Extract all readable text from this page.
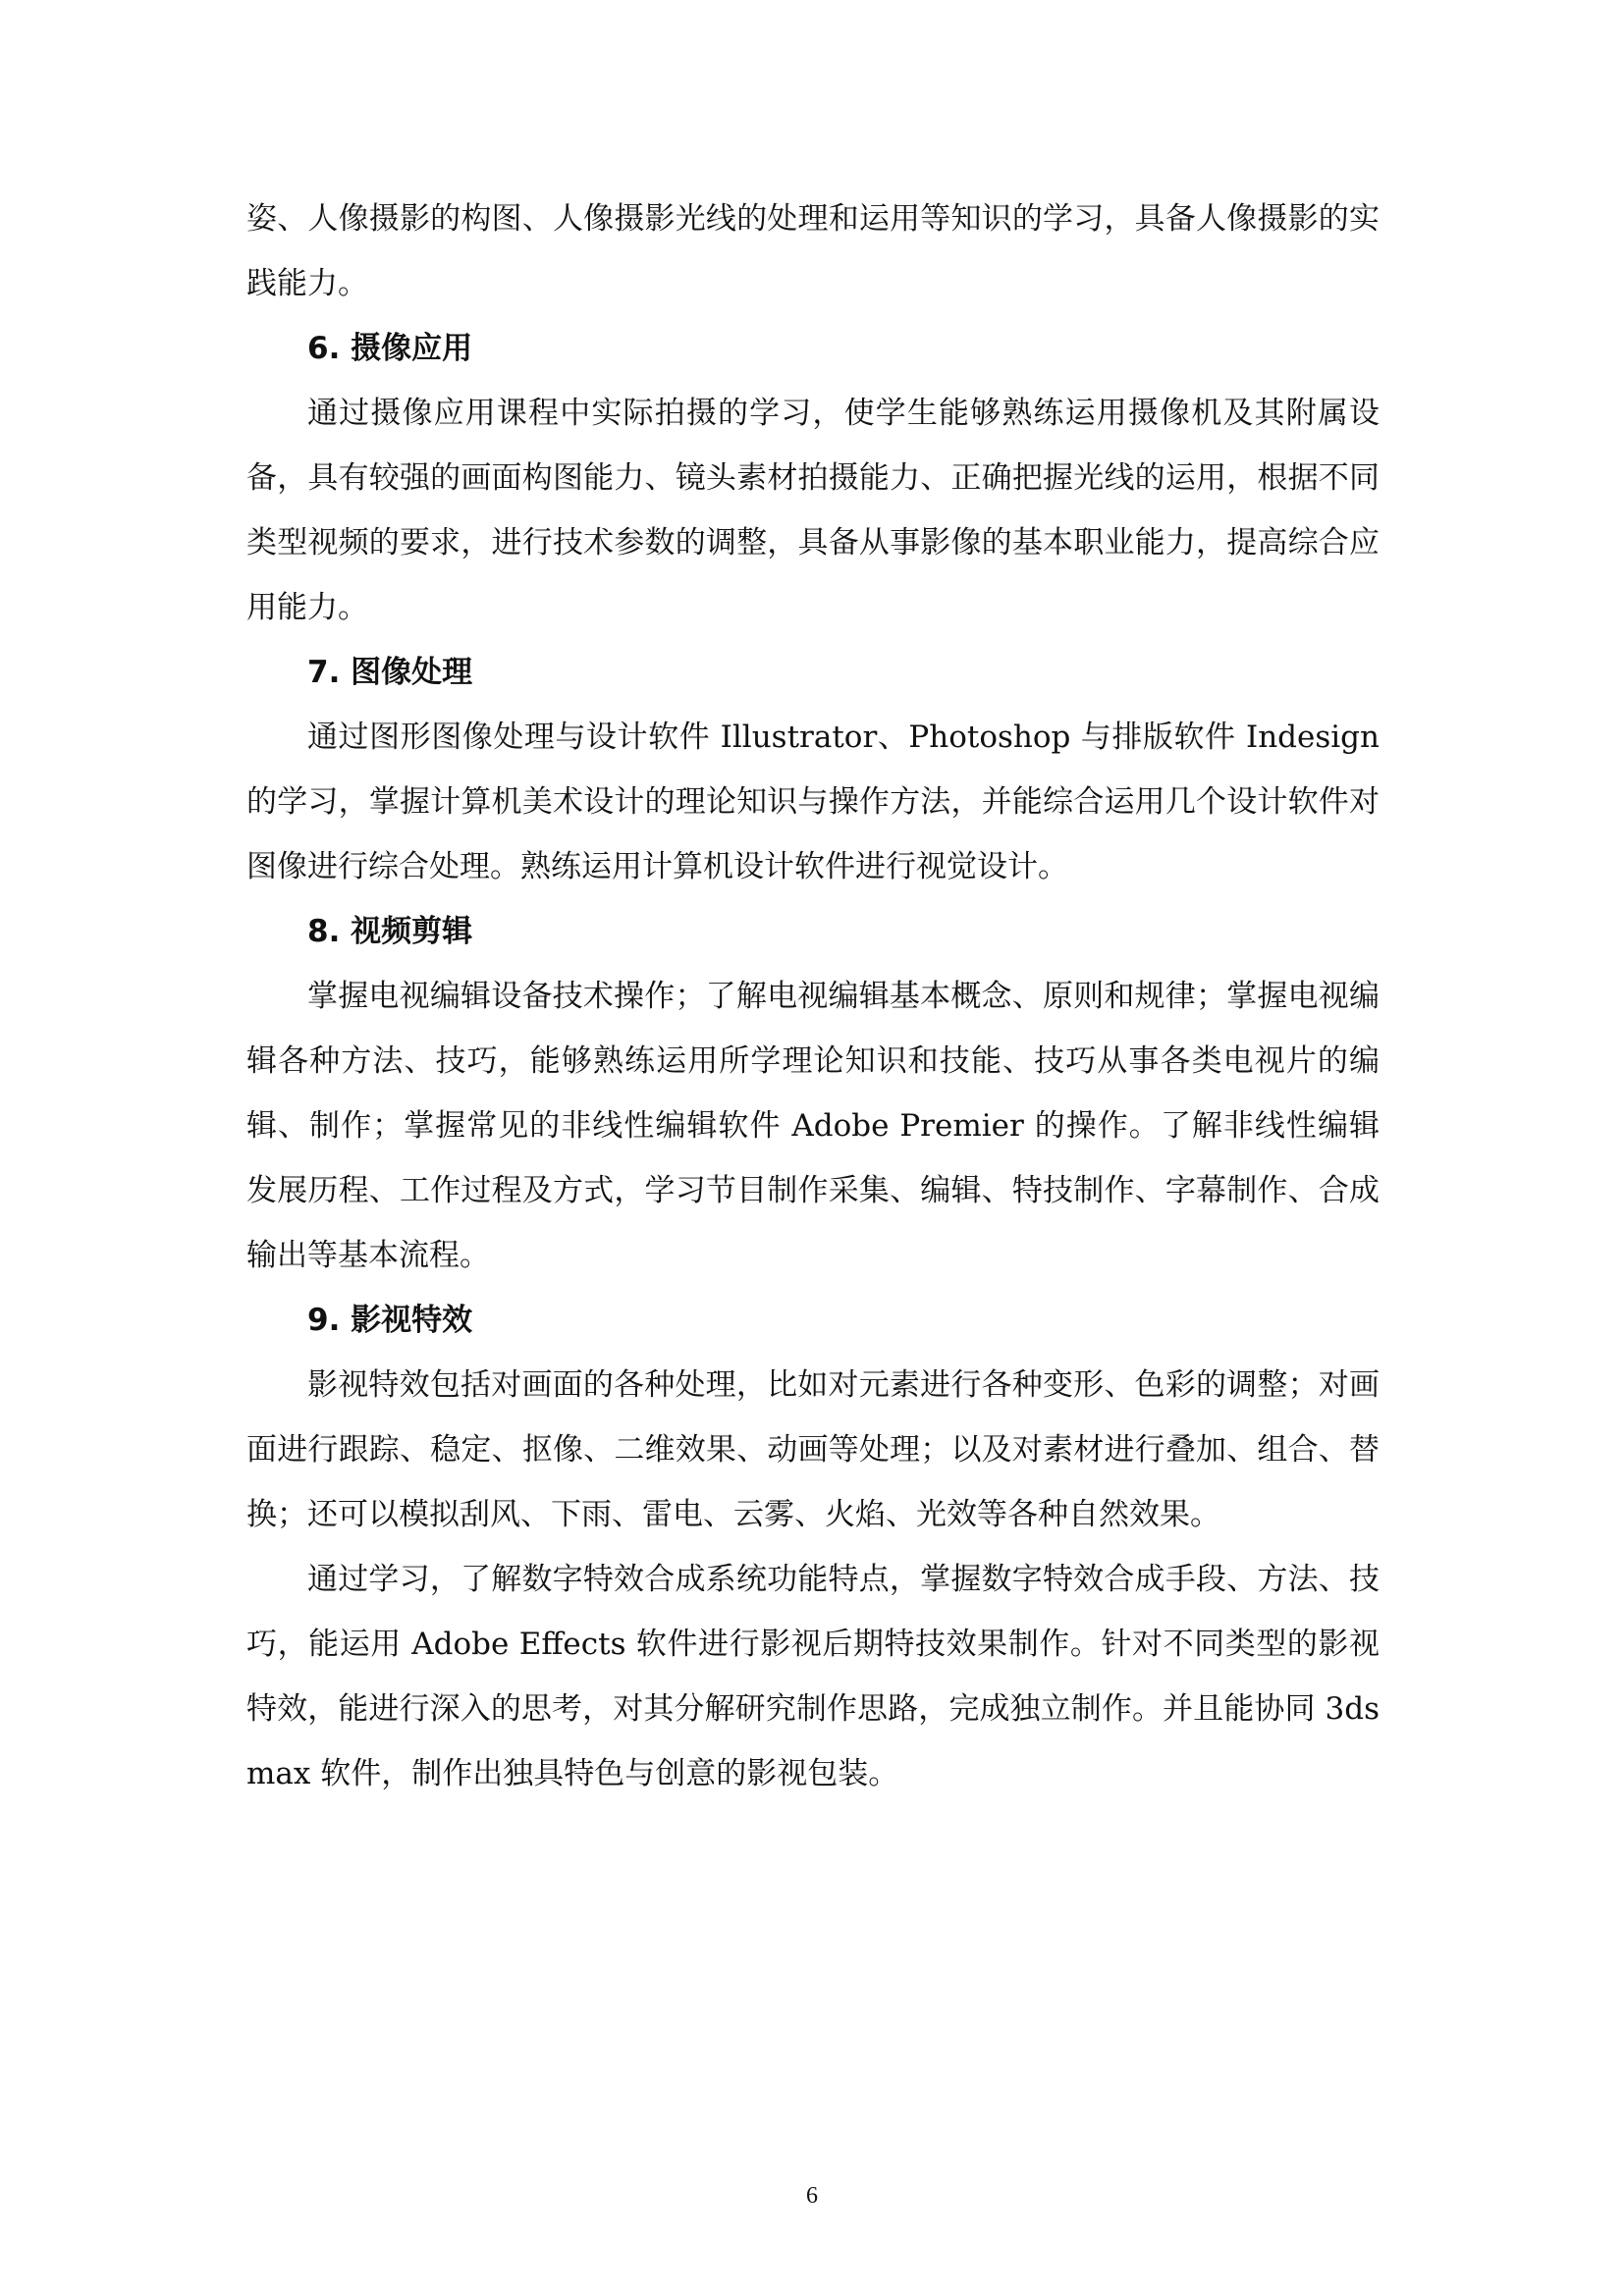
姿、人像摄影的构图、人像摄影光线的处理和运用等知识的学习，具备人像摄影的实践能力。

6. 摄像应用

通过摄像应用课程中实际拍摄的学习，使学生能够熟练运用摄像机及其附属设备，具有较强的画面构图能力、镜头素材拍摄能力、正确把握光线的运用，根据不同类型视频的要求，进行技术参数的调整，具备从事影像的基本职业能力，提高综合应用能力。

7. 图像处理

通过图形图像处理与设计软件 Illustrator、Photoshop 与排版软件 Indesign 的学习，掌握计算机美术设计的理论知识与操作方法，并能综合运用几个设计软件对图像进行综合处理。熟练运用计算机设计软件进行视觉设计。

8. 视频剪辑

掌握电视编辑设备技术操作；了解电视编辑基本概念、原则和规律；掌握电视编辑各种方法、技巧，能够熟练运用所学理论知识和技能、技巧从事各类电视片的编辑、制作；掌握常见的非线性编辑软件 Adobe Premier 的操作。了解非线性编辑发展历程、工作过程及方式，学习节目制作采集、编辑、特技制作、字幕制作、合成输出等基本流程。

9. 影视特效

影视特效包括对画面的各种处理，比如对元素进行各种变形、色彩的调整；对画面进行跟踪、稳定、抠像、二维效果、动画等处理；以及对素材进行叠加、组合、替换；还可以模拟刮风、下雨、雷电、云雾、火焰、光效等各种自然效果。

通过学习，了解数字特效合成系统功能特点，掌握数字特效合成手段、方法、技巧，能运用 Adobe Effects 软件进行影视后期特技效果制作。针对不同类型的影视特效，能进行深入的思考，对其分解研究制作思路，完成独立制作。并且能协同 3ds max 软件，制作出独具特色与创意的影视包装。

6
